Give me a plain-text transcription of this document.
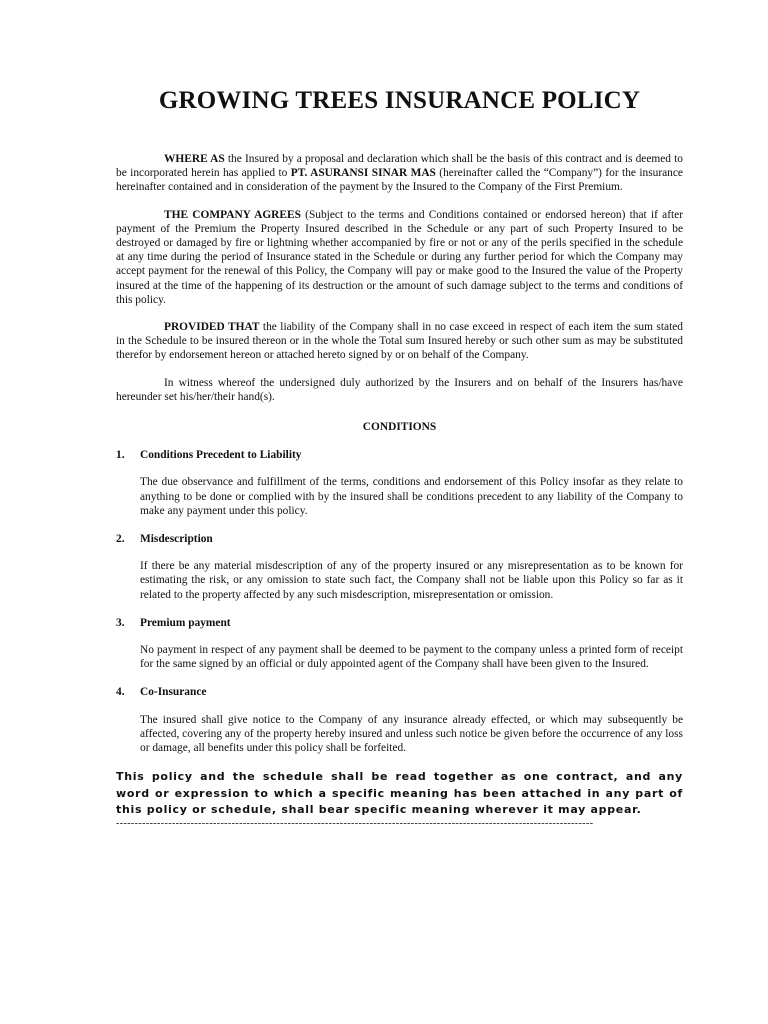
GROWING TREES INSURANCE POLICY

WHERE AS the Insured by a proposal and declaration which shall be the basis of this contract and is deemed to be incorporated herein has applied to PT. ASURANSI SINAR MAS (hereinafter called the “Company”) for the insurance hereinafter contained and in consideration of the payment by the Insured to the Company of the First Premium.

THE COMPANY AGREES (Subject to the terms and Conditions contained or endorsed hereon) that if after payment of the Premium the Property Insured described in the Schedule or any part of such Property Insured to be destroyed or damaged by fire or lightning whether accompanied by fire or not or any of the perils specified in the schedule at any time during the period of Insurance stated in the Schedule or during any further period for which the Company may accept payment for the renewal of this Policy, the Company will pay or make good to the Insured the value of the Property insured at the time of the happening of its destruction or the amount of such damage subject to the terms and conditions of this policy.

PROVIDED THAT the liability of the Company shall in no case exceed in respect of each item the sum stated in the Schedule to be insured thereon or in the whole the Total sum Insured hereby or such other sum as may be substituted therefor by endorsement hereon or attached hereto signed by or on behalf of the Company.

In witness whereof the undersigned duly authorized by the Insurers and on behalf of the Insurers has/have hereunder set his/her/their hand(s).

CONDITIONS
1.	Conditions Precedent to Liability

The due observance and fulfillment of the terms, conditions and endorsement of this Policy insofar as they relate to anything to be done or complied with by the insured shall be conditions precedent to any liability of the Company to make any payment under this policy.

2.	Misdescription

If there be any material misdescription of any of the property insured or any misrepresentation as to be known for estimating the risk, or any omission to state such fact, the Company shall not be liable upon this Policy so far as it related to the property affected by any such misdescription, misrepresentation or omission.

3.	Premium payment

No payment in respect of any payment shall be deemed to be payment to the company unless a printed form of receipt for the same signed by an official or duly appointed agent of the Company shall have been given to the Insured.

4.	Co-Insurance

The insured shall give notice to the Company of any insurance already effected, or which may subsequently be affected, covering any of the property hereby insured and unless such notice be given before the occurrence of any loss or damage, all benefits under this policy shall be forfeited.

This policy and the schedule shall be read together as one contract, and any word or expression to which a specific meaning has been attached in any part of this policy or schedule, shall bear specific meaning wherever it may appear.

--------------------------------------------------------------------------------------------------------------------------------
